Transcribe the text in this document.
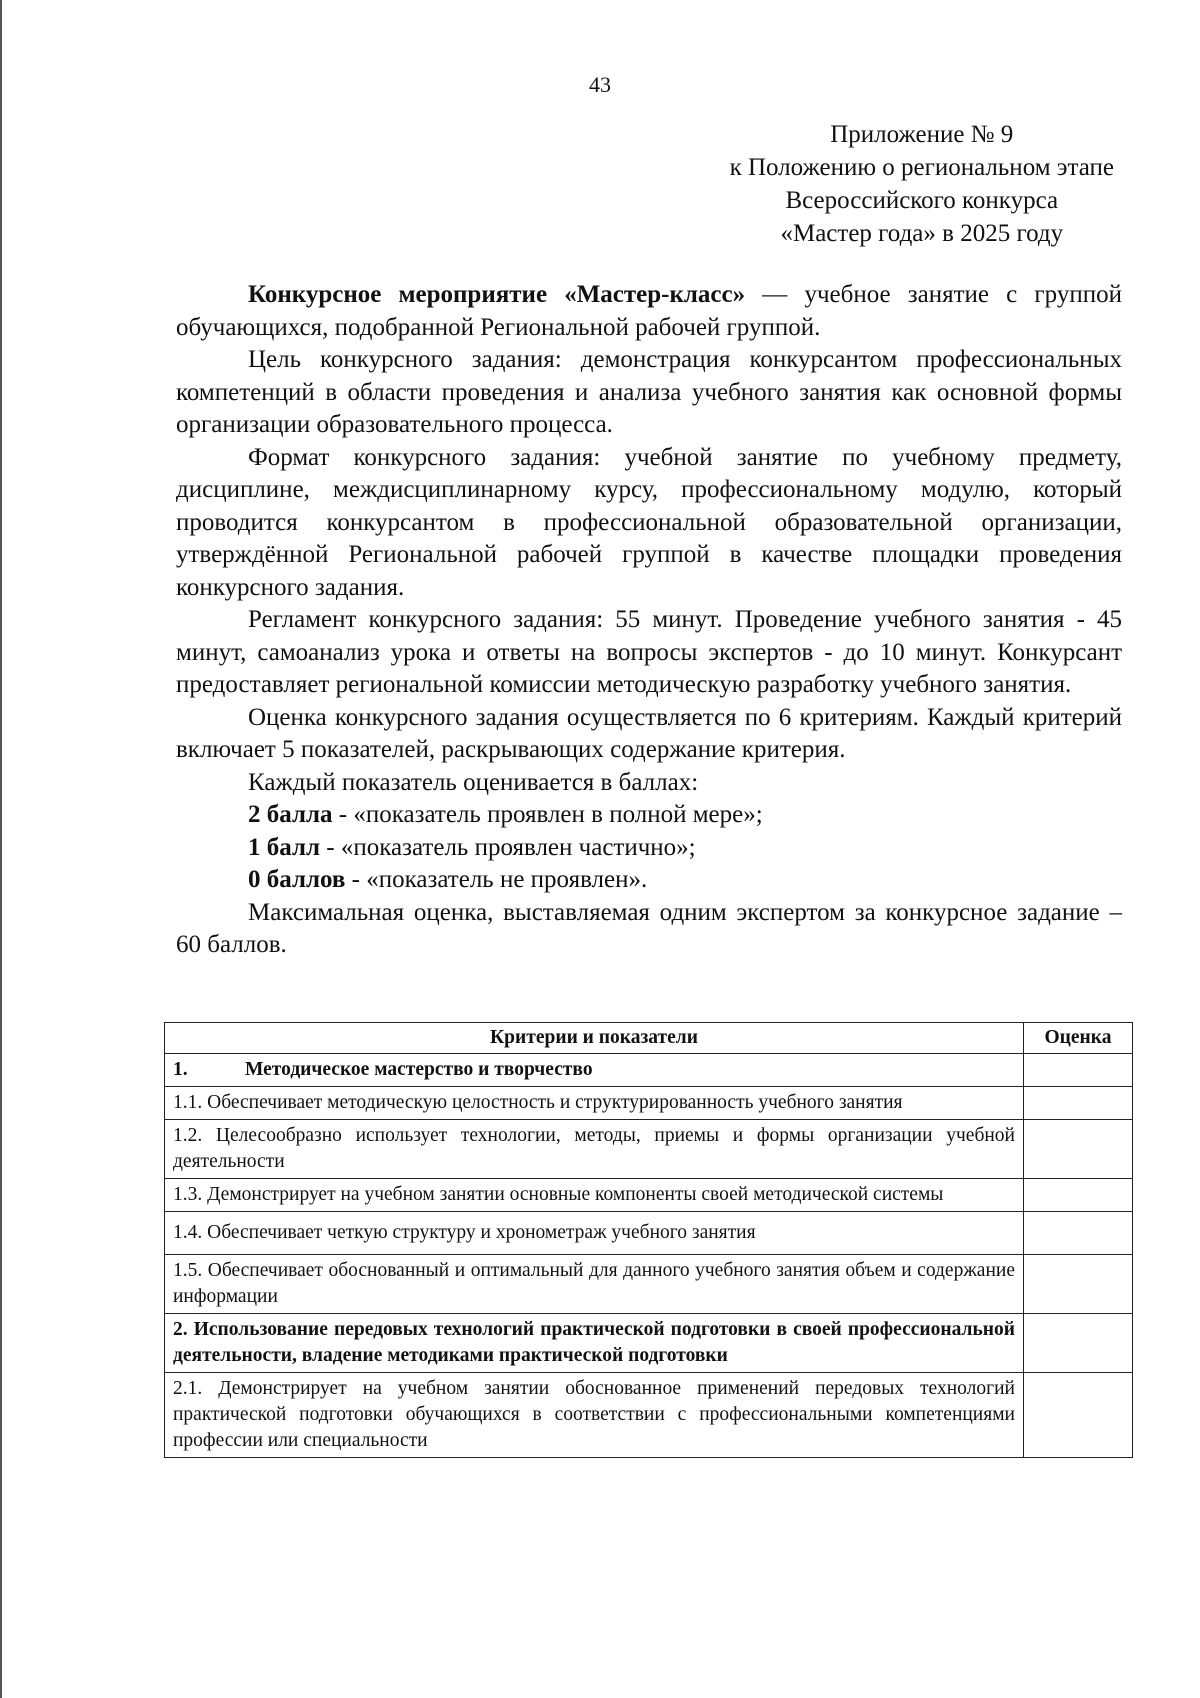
43
Приложение № 9
к Положению о региональном этапе
Всероссийского конкурса
«Мастер года» в 2025 году

Конкурсное мероприятие «Мастер-класс» — учебное занятие с группой обучающихся, подобранной Региональной рабочей группой.

Цель конкурсного задания: демонстрация конкурсантом профессиональных компетенций в области проведения и анализа учебного занятия как основной формы организации образовательного процесса.

Формат конкурсного задания: учебной занятие по учебному предмету, дисциплине, междисциплинарному курсу, профессиональному модулю, который проводится конкурсантом в профессиональной образовательной организации, утверждённой Региональной рабочей группой в качестве площадки проведения конкурсного задания.

Регламент конкурсного задания: 55 минут. Проведение учебного занятия - 45 минут, самоанализ урока и ответы на вопросы экспертов - до 10 минут. Конкурсант предоставляет региональной комиссии методическую разработку учебного занятия.

Оценка конкурсного задания осуществляется по 6 критериям. Каждый критерий включает 5 показателей, раскрывающих содержание критерия.

Каждый показатель оценивается в баллах:

2 балла - «показатель проявлен в полной мере»;

1 балл - «показатель проявлен частично»;

0 баллов - «показатель не проявлен».

Максимальная оценка, выставляемая одним экспертом за конкурсное задание – 60 баллов.

Критерии и показатели	Оценка
1. Методическое мастерство и творчество	
1.1. Обеспечивает методическую целостность и структурированность учебного занятия	
1.2. Целесообразно использует технологии, методы, приемы и формы организации учебной деятельности	
1.3. Демонстрирует на учебном занятии основные компоненты своей методической системы	
1.4. Обеспечивает четкую структуру и хронометраж учебного занятия	
1.5. Обеспечивает обоснованный и оптимальный для данного учебного занятия объем и содержание информации	
2. Использование передовых технологий практической подготовки в своей профессиональной деятельности, владение методиками практической подготовки	
2.1. Демонстрирует на учебном занятии обоснованное применений передовых технологий практической подготовки обучающихся в соответствии с профессиональными компетенциями профессии или специальности	
